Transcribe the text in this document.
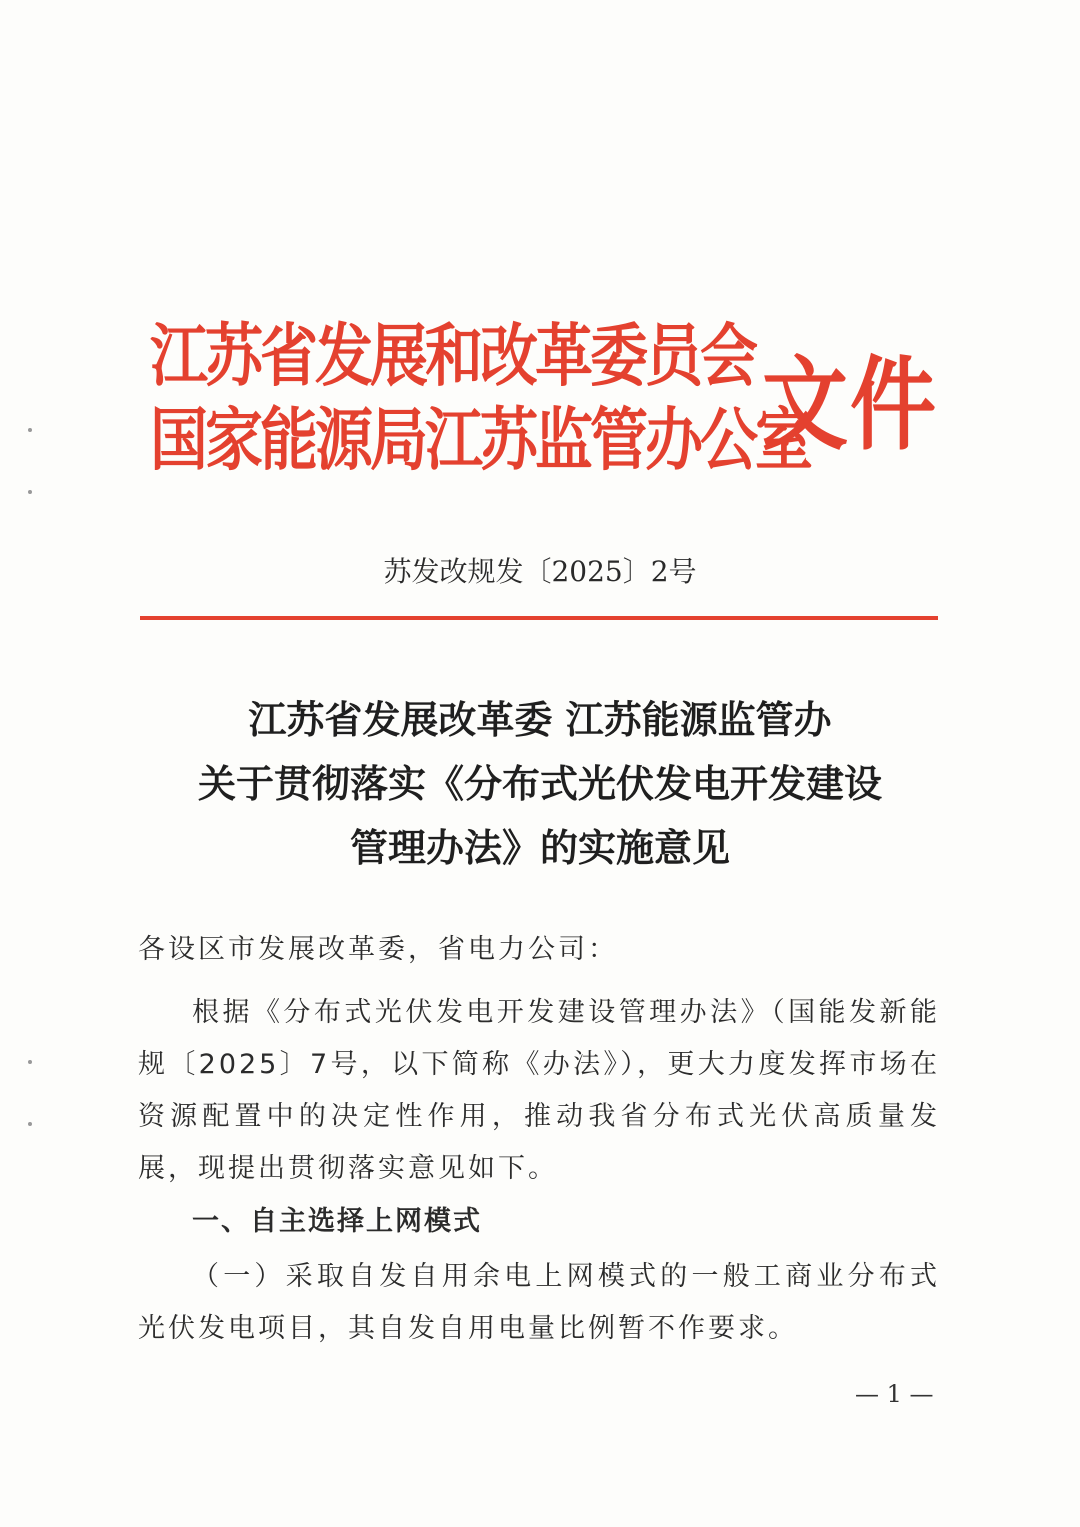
江苏省发展和改革委员会
国家能源局江苏监管办公室
文件
苏发改规发〔2025〕2号
江苏省发展改革委 江苏能源监管办
关于贯彻落实《分布式光伏发电开发建设
管理办法》的实施意见
各设区市发展改革委，省电力公司：
根据《分布式光伏发电开发建设管理办法》（国能发新能规〔2025〕7号，以下简称《办法》），更大力度发挥市场在资源配置中的决定性作用，推动我省分布式光伏高质量发展，现提出贯彻落实意见如下。
一、自主选择上网模式
（一）采取自发自用余电上网模式的一般工商业分布式光伏发电项目，其自发自用电量比例暂不作要求。
— 1 —
